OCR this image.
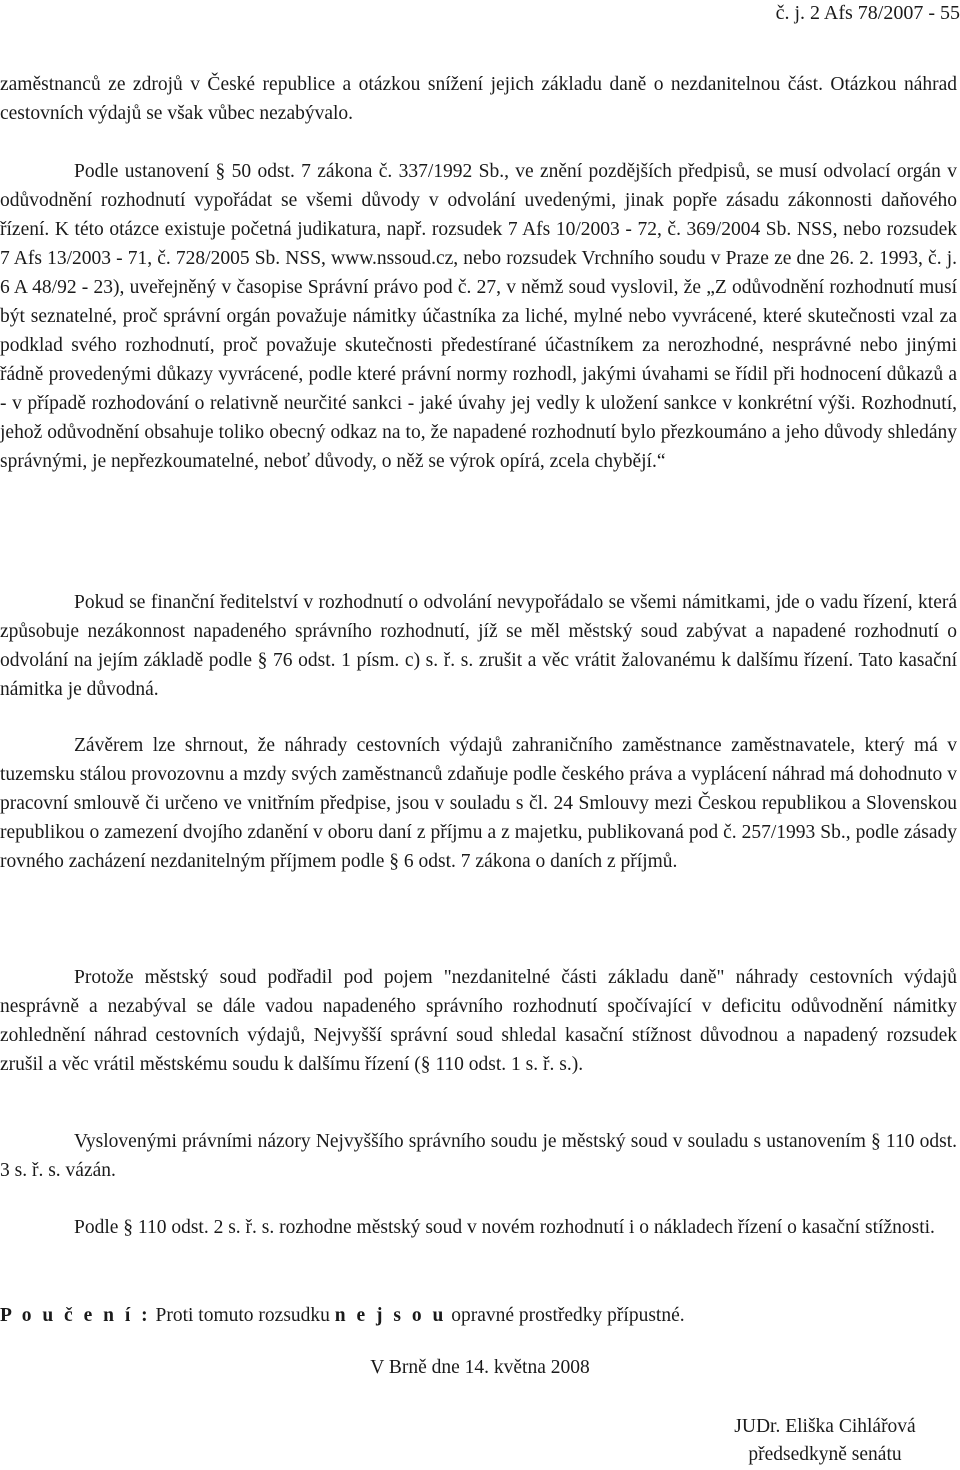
č. j. 2 Afs 78/2007 - 55

zaměstnanců ze zdrojů v České republice a otázkou snížení jejich základu daně o nezdanitelnou část. Otázkou náhrad cestovních výdajů se však vůbec nezabývalo.

Podle ustanovení § 50 odst. 7 zákona č. 337/1992 Sb., ve znění pozdějších předpisů, se musí odvolací orgán v odůvodnění rozhodnutí vypořádat se všemi důvody v odvolání uvedenými, jinak popře zásadu zákonnosti daňového řízení. K této otázce existuje početná judikatura, např. rozsudek 7 Afs 10/2003 - 72, č. 369/2004 Sb. NSS, nebo rozsudek 7 Afs 13/2003 - 71, č. 728/2005 Sb. NSS, www.nssoud.cz, nebo rozsudek Vrchního soudu v Praze ze dne 26. 2. 1993, č. j. 6 A 48/92 - 23), uveřejněný v časopise Správní právo pod č. 27, v němž soud vyslovil, že „Z odůvodnění rozhodnutí musí být seznatelné, proč správní orgán považuje námitky účastníka za liché, mylné nebo vyvrácené, které skutečnosti vzal za podklad svého rozhodnutí, proč považuje skutečnosti předestírané účastníkem za nerozhodné, nesprávné nebo jinými řádně provedenými důkazy vyvrácené, podle které právní normy rozhodl, jakými úvahami se řídil při hodnocení důkazů a - v případě rozhodování o relativně neurčité sankci - jaké úvahy jej vedly k uložení sankce v konkrétní výši. Rozhodnutí, jehož odůvodnění obsahuje toliko obecný odkaz na to, že napadené rozhodnutí bylo přezkoumáno a jeho důvody shledány správnými, je nepřezkoumatelné, neboť důvody, o něž se výrok opírá, zcela chybějí.“

Pokud se finanční ředitelství v rozhodnutí o odvolání nevypořádalo se všemi námitkami, jde o vadu řízení, která způsobuje nezákonnost napadeného správního rozhodnutí, jíž se měl městský soud zabývat a napadené rozhodnutí o odvolání na jejím základě podle § 76 odst. 1 písm. c) s. ř. s. zrušit a věc vrátit žalovanému k dalšímu řízení. Tato kasační námitka je důvodná.

Závěrem lze shrnout, že náhrady cestovních výdajů zahraničního zaměstnance zaměstnavatele, který má v tuzemsku stálou provozovnu a mzdy svých zaměstnanců zdaňuje podle českého práva a vyplácení náhrad má dohodnuto v pracovní smlouvě či určeno ve vnitřním předpise, jsou v souladu s čl. 24 Smlouvy mezi Českou republikou a Slovenskou republikou o zamezení dvojího zdanění v oboru daní z příjmu a z majetku, publikovaná pod č. 257/1993 Sb., podle zásady rovného zacházení nezdanitelným příjmem podle § 6 odst. 7 zákona o daních z příjmů.

Protože městský soud podřadil pod pojem "nezdanitelné části základu daně" náhrady cestovních výdajů nesprávně a nezabýval se dále vadou napadeného správního rozhodnutí spočívající v deficitu odůvodnění námitky zohlednění náhrad cestovních výdajů, Nejvyšší správní soud shledal kasační stížnost důvodnou a napadený rozsudek zrušil a věc vrátil městskému soudu k dalšímu řízení (§ 110 odst. 1 s. ř. s.).

Vyslovenými právními názory Nejvyššího správního soudu je městský soud v souladu s ustanovením § 110 odst. 3 s. ř. s. vázán.

Podle § 110 odst. 2 s. ř. s. rozhodne městský soud v novém rozhodnutí i o nákladech řízení o kasační stížnosti.

P o u č e n í : Proti tomuto rozsudku n e j s o u opravné prostředky přípustné.

V Brně dne 14. května 2008
JUDr. Eliška Cihlářová
předsedkyně senátu
